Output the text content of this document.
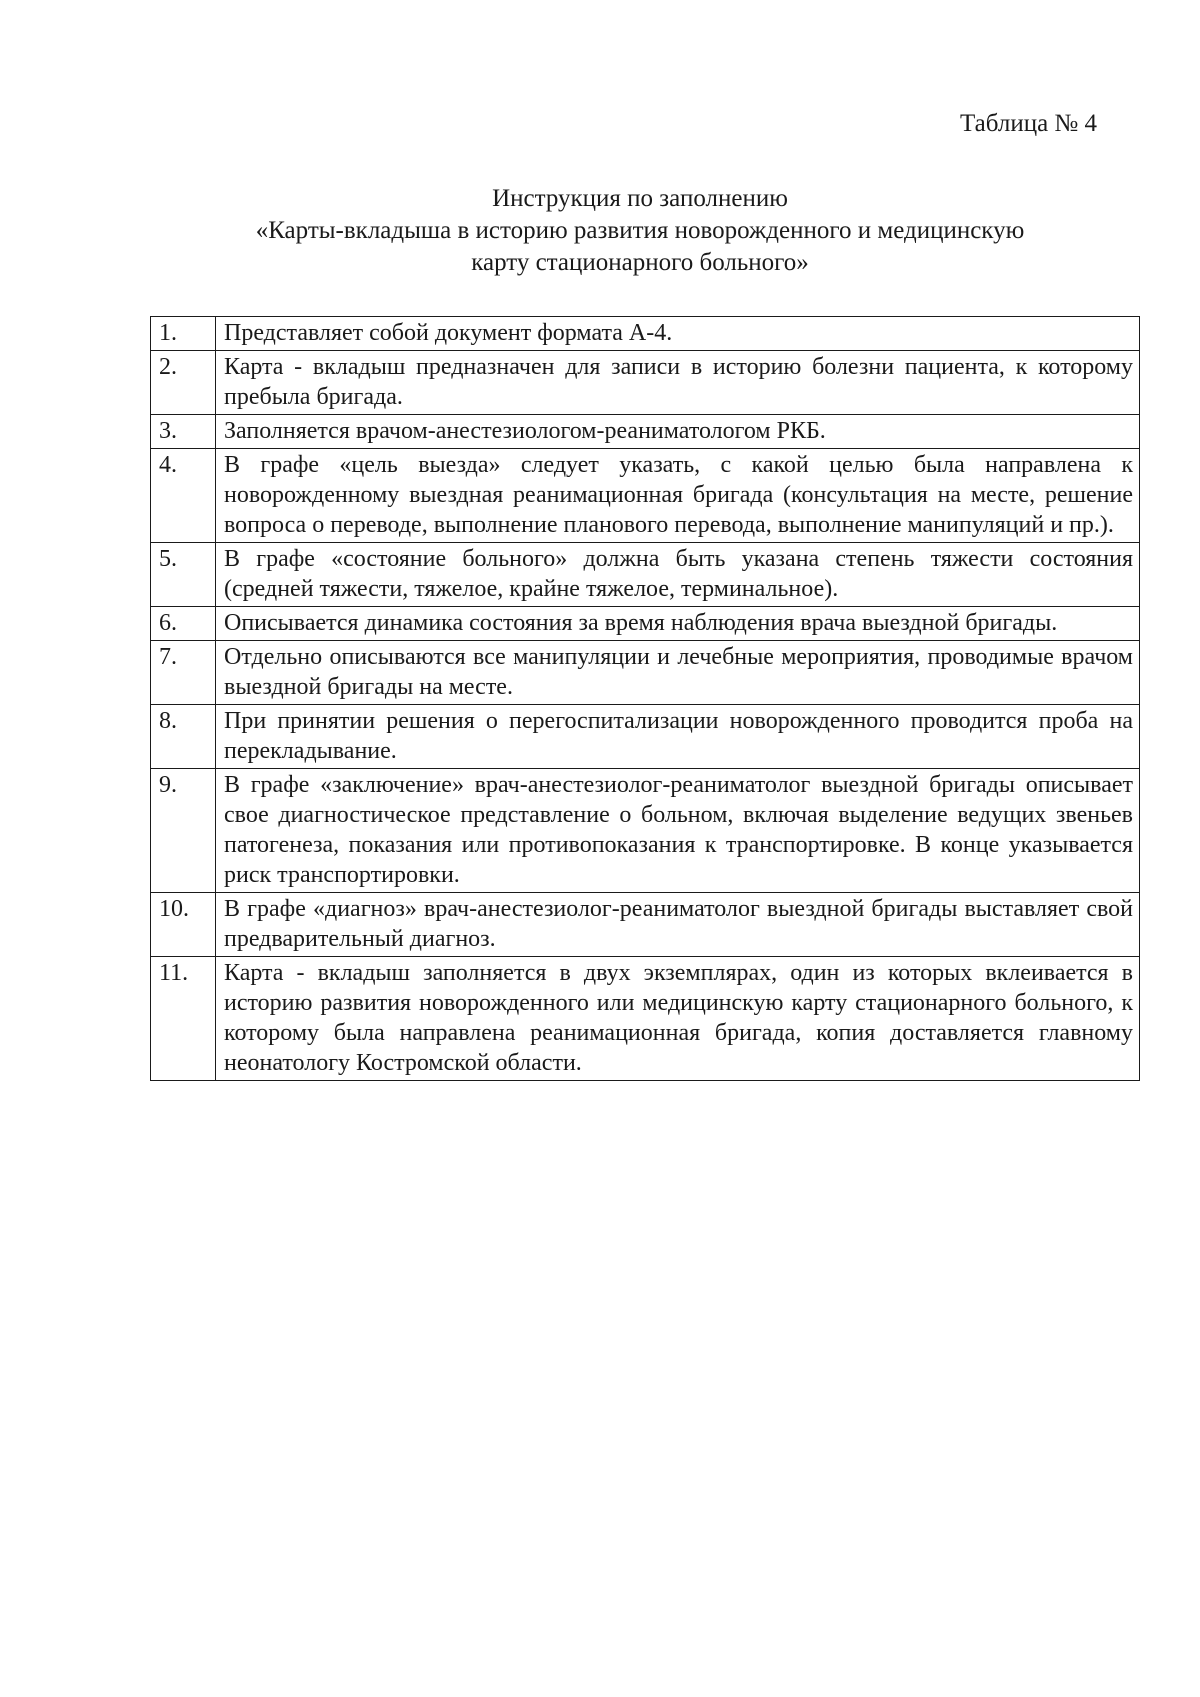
Таблица № 4
Инструкция по заполнению
«Карты-вкладыша в историю развития новорожденного и медицинскую
карту стационарного больного»
1.	Представляет собой документ формата А-4.
2.	Карта - вкладыш предназначен для записи в историю болезни пациента, к которому пребыла бригада.
3.	Заполняется врачом-анестезиологом-реаниматологом РКБ.
4.	В графе «цель выезда» следует указать, с какой целью была направлена к новорожденному выездная реанимационная бригада (консультация на месте, решение вопроса о переводе, выполнение планового перевода, выполнение манипуляций и пр.).
5.	В графе «состояние больного» должна быть указана степень тяжести состояния (средней тяжести, тяжелое, крайне тяжелое, терминальное).
6.	Описывается динамика состояния за время наблюдения врача выездной бригады.
7.	Отдельно описываются все манипуляции и лечебные мероприятия, проводимые врачом выездной бригады на месте.
8.	При принятии решения о перегоспитализации новорожденного проводится проба на перекладывание.
9.	В графе «заключение» врач-анестезиолог-реаниматолог выездной бригады описывает свое диагностическое представление о больном, включая выделение ведущих звеньев патогенеза, показания или противопоказания к транспортировке. В конце указывается риск транспортировки.
10.	В графе «диагноз» врач-анестезиолог-реаниматолог выездной бригады выставляет свой предварительный диагноз.
11.	Карта - вкладыш заполняется в двух экземплярах, один из которых вклеивается в историю развития новорожденного или медицинскую карту стационарного больного, к которому была направлена реанимационная бригада, копия доставляется главному неонатологу Костромской области.
